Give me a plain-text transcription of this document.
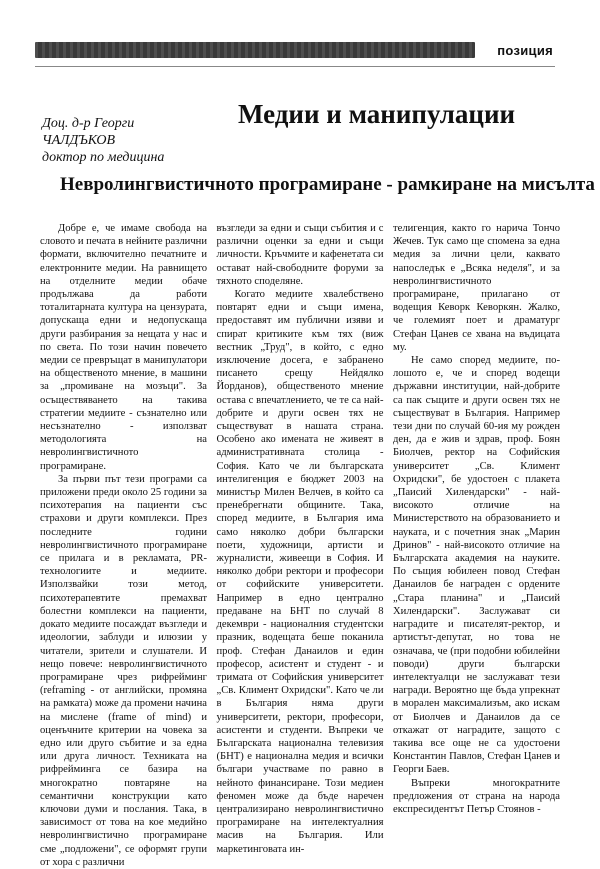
позиция
Доц. д-р Георги
ЧАЛДЪКОВ
доктор по медицина
Медии и манипулации
Невролингвистичното програмиране - рамкиране на мисълта

Добре е, че имаме свобода на словото и печата в нейните различни формати, включително печатните и електронните медии. На равнището на отделните медии обаче продължава да работи тоталитарната култура на цензурата, допускаща едни и недопускаща други разбирания за нещата у нас и по света. По този начин повечето медии се превръщат в манипулатори на общественото мнение, в машини за „промиване на мозъци". За осъществяването на такива стратегии медиите - съзнателно или несъзнателно - използват методологията на невролингвистичното програмиране.

За първи път тези програми са приложени преди около 25 години за психотерапия на пациенти със страхови и други комплекси. През последните години невролингвистичното програмиране се прилага и в рекламата, PR-технологиите и медиите. Използвайки този метод, психотерапевтите премахват болестни комплекси на пациенти, докато медиите посаждат възгледи и идеологии, заблуди и илюзии у читатели, зрители и слушатели. И нещо повече: невролингвистичното програмиране чрез рифрейминг (reframing - от английски, промяна на рамката) може да промени начина на мислене (frame of mind) и оценъчните критерии на човека за едно или друго събитие и за една или друга личност. Техниката на рифрейминга се базира на многократно повтаряне на семантични конструкции като ключови думи и послания. Така, в зависимост от това на кое медийно невролингвистично програмиране сме „подложени", се оформят групи от хора с различни

възгледи за едни и същи събития и с различни оценки за едни и същи личности. Кръчмите и кафенетата си остават най-свободните форуми за тяхното споделяне.

Когато медиите хвалебствено повтарят едни и същи имена, предоставят им публични изяви и спират критиките към тях (виж вестник „Труд", в който, с едно изключение досега, е забранено писането срещу Нейдялко Йорданов), общественото мнение остава с впечатлението, че те са най-добрите и други освен тях не съществуват в нашата страна. Особено ако имената не живеят в административната столица - София. Като че ли българската интелигенция е бюджет 2003 на министър Милен Велчев, в който са пренебрегнати общините. Така, според медиите, в България има само няколко добри български поети, художници, артисти и журналисти, живеещи в София. И няколко добри ректори и професори от софийските университети. Например в едно централно предаване на БНТ по случай 8 декември - националния студентски празник, водещата беше поканила проф. Стефан Данаилов и един професор, асистент и студент - и тримата от Софийския университет „Св. Климент Охридски". Като че ли в България няма други университети, ректори, професори, асистенти и студенти. Въпреки че Българската национална телевизия (БНТ) е национална медия и всички българи участваме по равно в нейното финансиране. Този медиен феномен може да бъде наречен централизирано невролингвистично програмиране на интелектуалния масив на България. Или маркетинговата ин-

телигенция, както го нарича Тончо Жечев. Тук само ще спомена за една медия за лични цели, каквато напоследък е „Всяка неделя", и за невролингвистичното програмиране, прилагано от водещия Кеворк Кеворкян. Жалко, че големият поет и драматург Стефан Цанев се хвана на въдицата му.

Не само според медиите, по-лошото е, че и според водещи държавни институции, най-добрите са пак същите и други освен тях не съществуват в България. Например тези дни по случай 60-ия му рожден ден, да е жив и здрав, проф. Боян Биолчев, ректор на Софийския университет „Св. Климент Охридски", бе удостоен с плакета „Паисий Хилендарски" - най-високото отличие на Министерството на образованието и науката, и с почетния знак „Марин Дринов" - най-високото отличие на Българската академия на науките. По същия юбилеен повод Стефан Данаилов бе награден с ордените „Стара планина" и „Паисий Хилендарски". Заслужават си наградите и писателят-ректор, и артистът-депутат, но това не означава, че (при подобни юбилейни поводи) други български интелектуалци не заслужават тези награди. Вероятно ще бъда упрекнат в морален максимализъм, ако искам от Биолчев и Данаилов да се откажат от наградите, защото с такива все още не са удостоени Константин Павлов, Стефан Цанев и Георги Баев.

Въпреки многократните предложения от страна на народа експресидентът Петър Стоянов -
